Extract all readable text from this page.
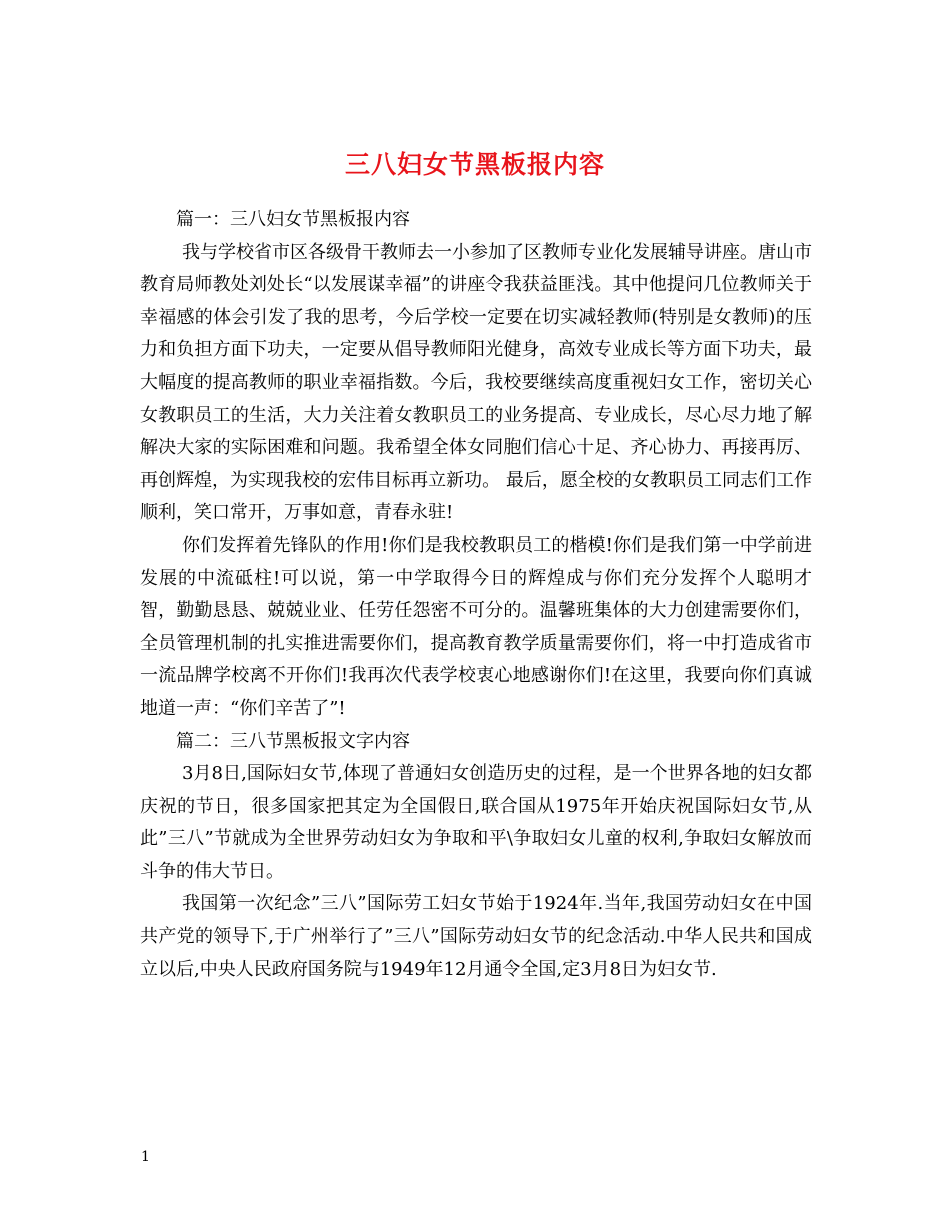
三八妇女节黑板报内容

篇一：三八妇女节黑板报内容

我与学校省市区各级骨干教师去一小参加了区教师专业化发展辅导讲座。唐山市教育局师教处刘处长“以发展谋幸福”的讲座令我获益匪浅。其中他提问几位教师关于幸福感的体会引发了我的思考，今后学校一定要在切实减轻教师(特别是女教师)的压力和负担方面下功夫，一定要从倡导教师阳光健身，高效专业成长等方面下功夫，最大幅度的提高教师的职业幸福指数。今后，我校要继续高度重视妇女工作，密切关心女教职员工的生活，大力关注着女教职员工的业务提高、专业成长，尽心尽力地了解解决大家的实际困难和问题。我希望全体女同胞们信心十足、齐心协力、再接再厉、再创辉煌，为实现我校的宏伟目标再立新功。 最后，愿全校的女教职员工同志们工作顺利，笑口常开，万事如意，青春永驻!

你们发挥着先锋队的作用!你们是我校教职员工的楷模!你们是我们第一中学前进发展的中流砥柱!可以说，第一中学取得今日的辉煌成与你们充分发挥个人聪明才智，勤勤恳恳、兢兢业业、任劳任怨密不可分的。温馨班集体的大力创建需要你们，全员管理机制的扎实推进需要你们，提高教育教学质量需要你们，将一中打造成省市一流品牌学校离不开你们!我再次代表学校衷心地感谢你们!在这里，我要向你们真诚地道一声：“你们辛苦了”!

篇二：三八节黑板报文字内容

3月8日,国际妇女节,体现了普通妇女创造历史的过程，是一个世界各地的妇女都庆祝的节日，很多国家把其定为全国假日,联合国从1975年开始庆祝国际妇女节,从此”三八”节就成为全世界劳动妇女为争取和平\争取妇女儿童的权利,争取妇女解放而斗争的伟大节日。

我国第一次纪念”三八”国际劳工妇女节始于1924年.当年,我国劳动妇女在中国共产党的领导下,于广州举行了”三八”国际劳动妇女节的纪念活动.中华人民共和国成立以后,中央人民政府国务院与1949年12月通令全国,定3月8日为妇女节.

1
